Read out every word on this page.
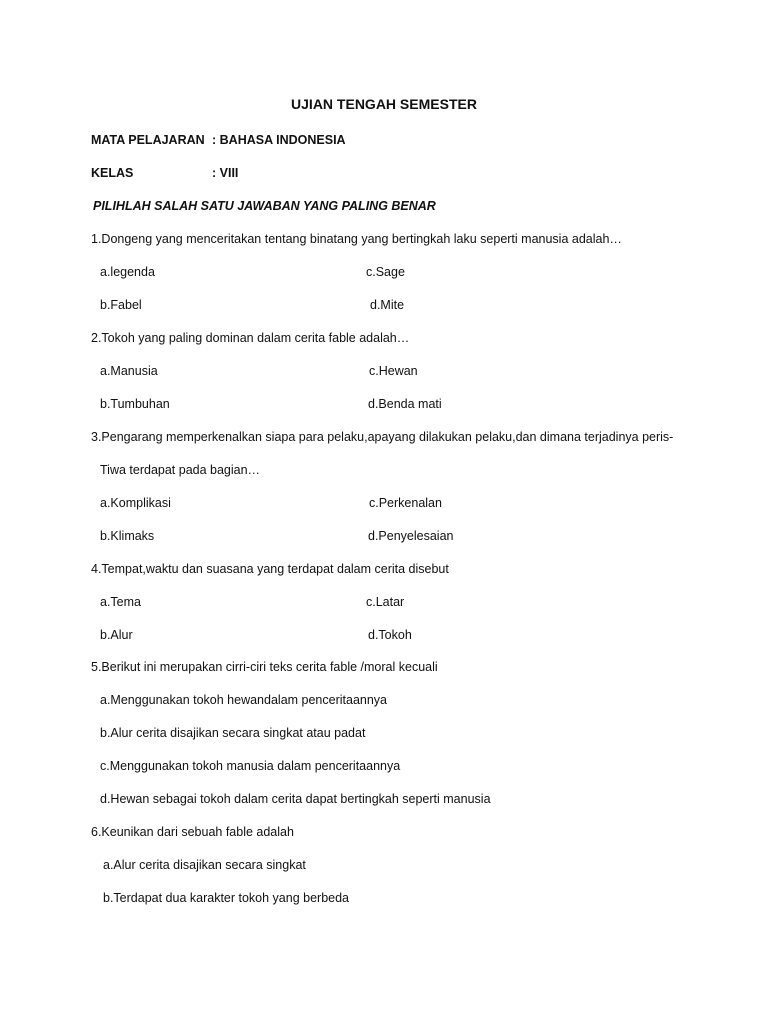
UJIAN TENGAH SEMESTER
MATA PELAJARAN : BAHASA INDONESIA
KELAS	: VIII
PILIHLAH SALAH SATU JAWABAN YANG PALING BENAR
1.Dongeng yang menceritakan tentang binatang yang bertingkah laku seperti manusia adalah…
a.legenda	c.Sage
b.Fabel	d.Mite
2.Tokoh yang paling dominan dalam cerita fable adalah…
a.Manusia	c.Hewan
b.Tumbuhan	d.Benda mati
3.Pengarang memperkenalkan siapa para pelaku,apayang dilakukan pelaku,dan dimana terjadinya peris-
Tiwa terdapat pada bagian…
a.Komplikasi	c.Perkenalan
b.Klimaks	d.Penyelesaian
4.Tempat,waktu dan suasana yang terdapat dalam cerita disebut
a.Tema	c.Latar
b.Alur	d.Tokoh
5.Berikut ini merupakan cirri-ciri teks cerita fable /moral kecuali
a.Menggunakan tokoh hewandalam penceritaannya
b.Alur cerita disajikan secara singkat atau padat
c.Menggunakan tokoh manusia dalam penceritaannya
d.Hewan sebagai tokoh dalam cerita dapat bertingkah seperti manusia
6.Keunikan dari sebuah fable adalah
a.Alur cerita disajikan secara singkat
b.Terdapat dua karakter tokoh yang berbeda
